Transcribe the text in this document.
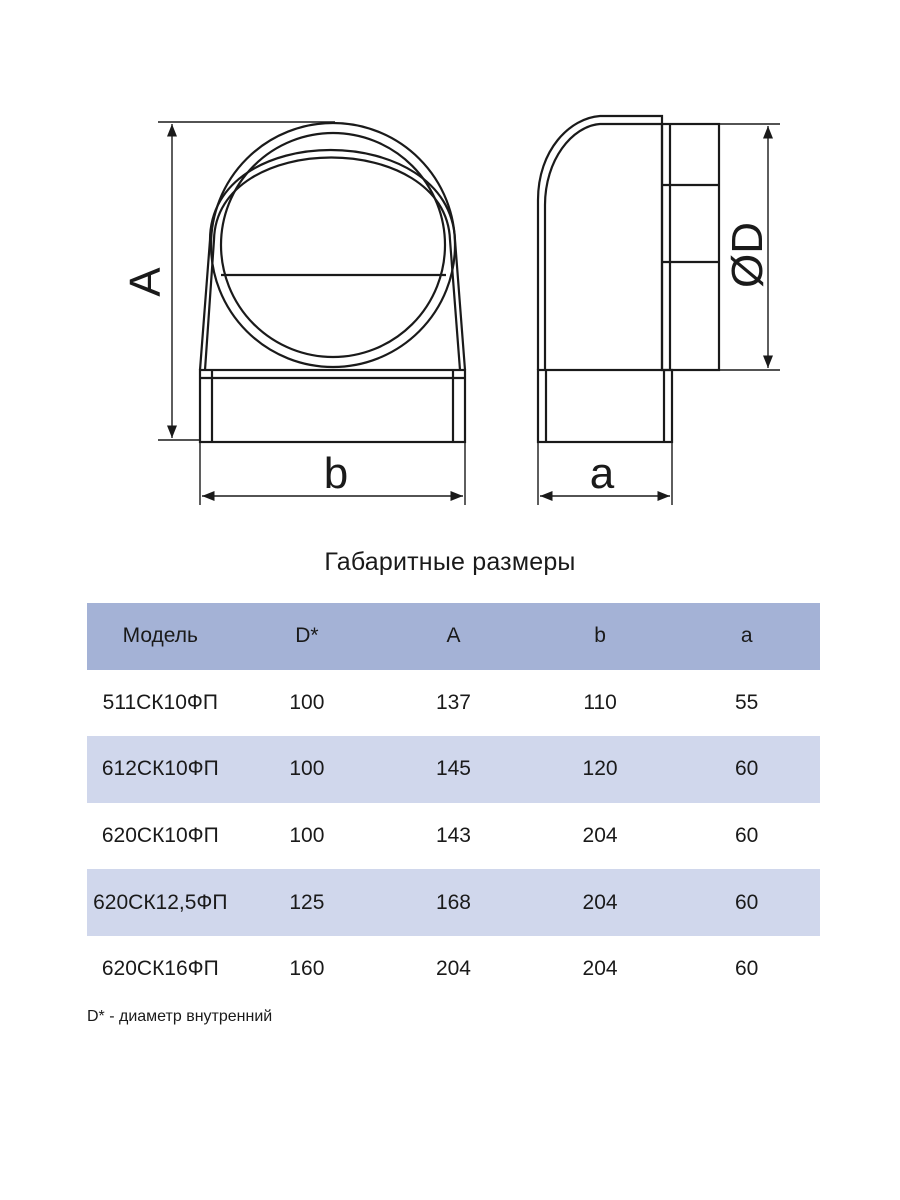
A
b	a
ØD
Габаритные размеры
Модель	D*	A	b	a
511СК10ФП	100	137	110	55
612СК10ФП	100	145	120	60
620СК10ФП	100	143	204	60
620СК12,5ФП	125	168	204	60
620СК16ФП	160	204	204	60
D* - диаметр внутренний
